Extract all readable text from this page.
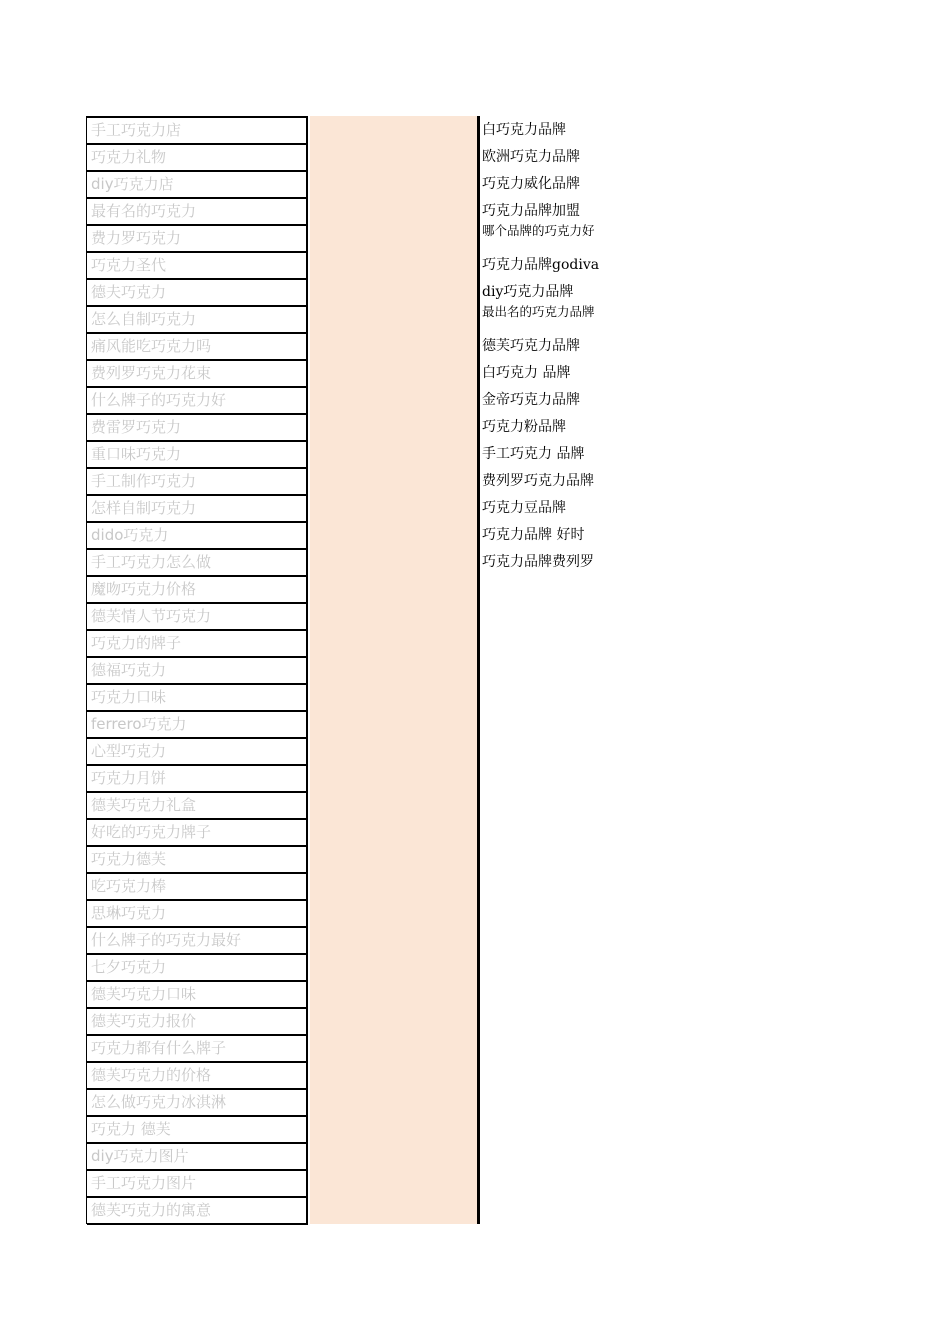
手工巧克力店
巧克力礼物
diy巧克力店
最有名的巧克力
费力罗巧克力
巧克力圣代
德夫巧克力
怎么自制巧克力
痛风能吃巧克力吗
费列罗巧克力花束
什么牌子的巧克力好
费雷罗巧克力
重口味巧克力
手工制作巧克力
怎样自制巧克力
dido巧克力
手工巧克力怎么做
魔吻巧克力价格
德芙情人节巧克力
巧克力的牌子
德福巧克力
巧克力口味
ferrero巧克力
心型巧克力
巧克力月饼
德芙巧克力礼盒
好吃的巧克力牌子
巧克力德芙
吃巧克力棒
思琳巧克力
什么牌子的巧克力最好
七夕巧克力
德芙巧克力口味
德芙巧克力报价
巧克力都有什么牌子
德芙巧克力的价格
怎么做巧克力冰淇淋
巧克力 德芙
diy巧克力图片
手工巧克力图片
德芙巧克力的寓意
白巧克力品牌
欧洲巧克力品牌
巧克力威化品牌
巧克力品牌加盟
哪个品牌的巧克力好
巧克力品牌godiva
diy巧克力品牌
最出名的巧克力品牌
德芙巧克力品牌
白巧克力 品牌
金帝巧克力品牌
巧克力粉品牌
手工巧克力 品牌
费列罗巧克力品牌
巧克力豆品牌
巧克力品牌 好时
巧克力品牌费列罗
